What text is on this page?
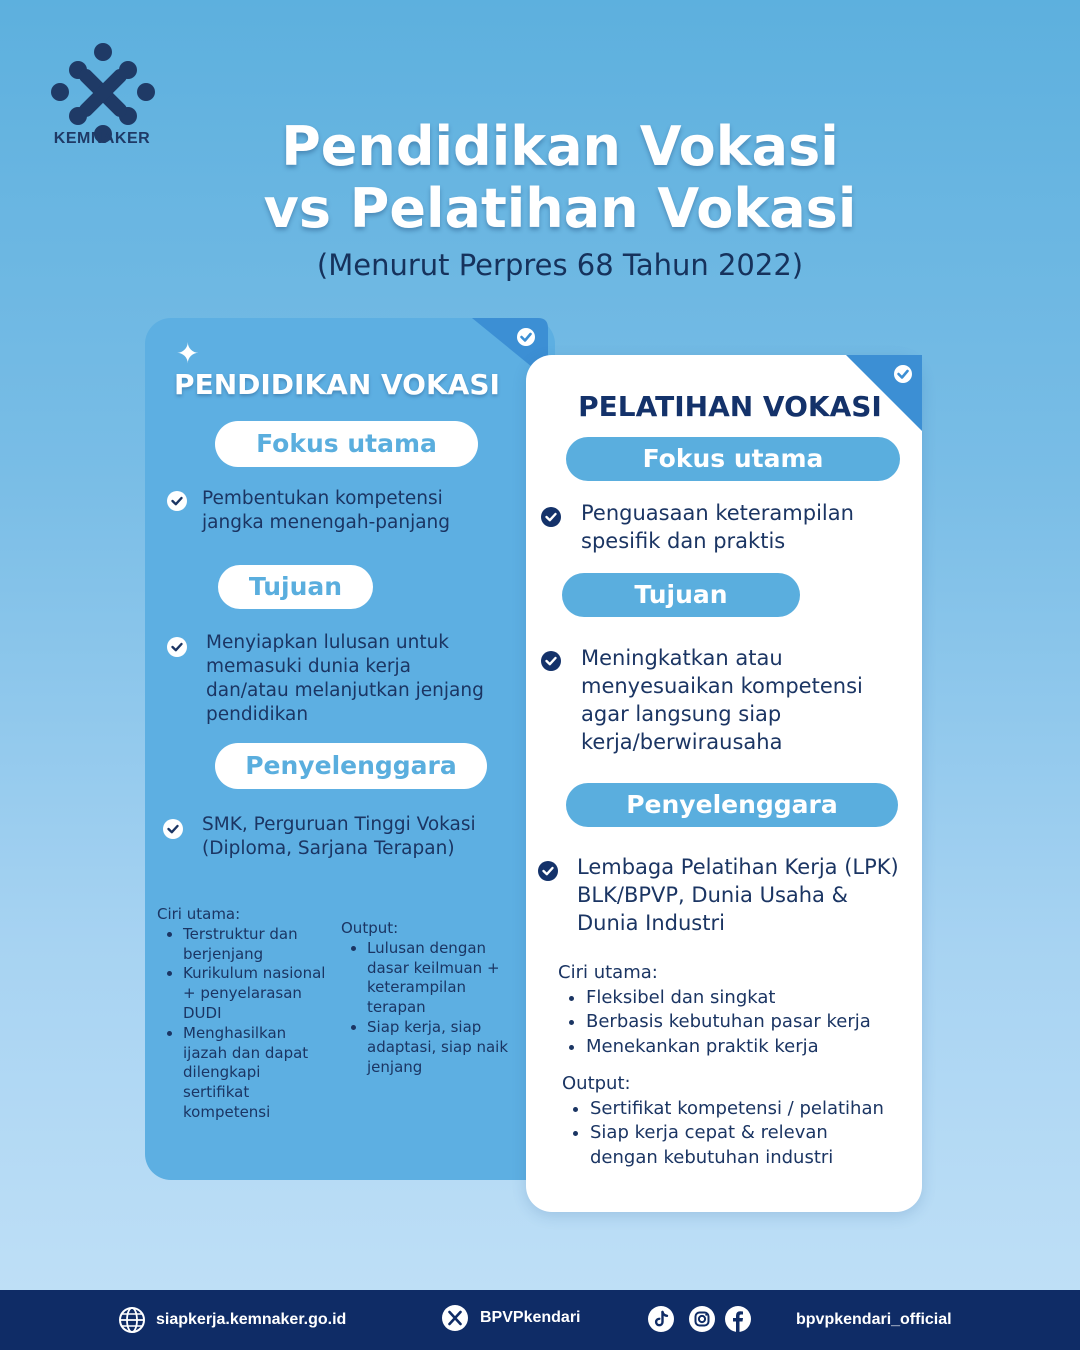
KEMNAKER	Pendidikan Vokasi
vs Pelatihan Vokasi
(Menurut Perpres 68 Tahun 2022)
✦
PENDIDIKAN VOKASI
Fokus utama
Pembentukan kompetensi
jangka menengah-panjang
Tujuan
Menyiapkan lulusan untuk
memasuki dunia kerja
dan/atau melanjutkan jenjang
pendidikan
Penyelenggara
SMK, Perguruan Tinggi Vokasi
(Diploma, Sarjana Terapan)
Ciri utama:
• Terstruktur dan
berjenjang
• Kurikulum nasional
+ penyelarasan
DUDI
• Menghasilkan
ijazah dan dapat
dilengkapi
sertifikat
kompetensi
Output:
• Lulusan dengan
dasar keilmuan +
keterampilan
terapan
• Siap kerja, siap
adaptasi, siap naik
jenjang
PELATIHAN VOKASI
Fokus utama
Penguasaan keterampilan
spesifik dan praktis
Tujuan
Meningkatkan atau
menyesuaikan kompetensi
agar langsung siap
kerja/berwirausaha
Penyelenggara
Lembaga Pelatihan Kerja (LPK)
BLK/BPVP, Dunia Usaha &
Dunia Industri
Ciri utama:
• Fleksibel dan singkat
• Berbasis kebutuhan pasar kerja
• Menekankan praktik kerja
Output:
• Sertifikat kompetensi / pelatihan
• Siap kerja cepat & relevan
dengan kebutuhan industri
siapkerja.kemnaker.go.id	BPVPkendari	bpvpkendari_official
